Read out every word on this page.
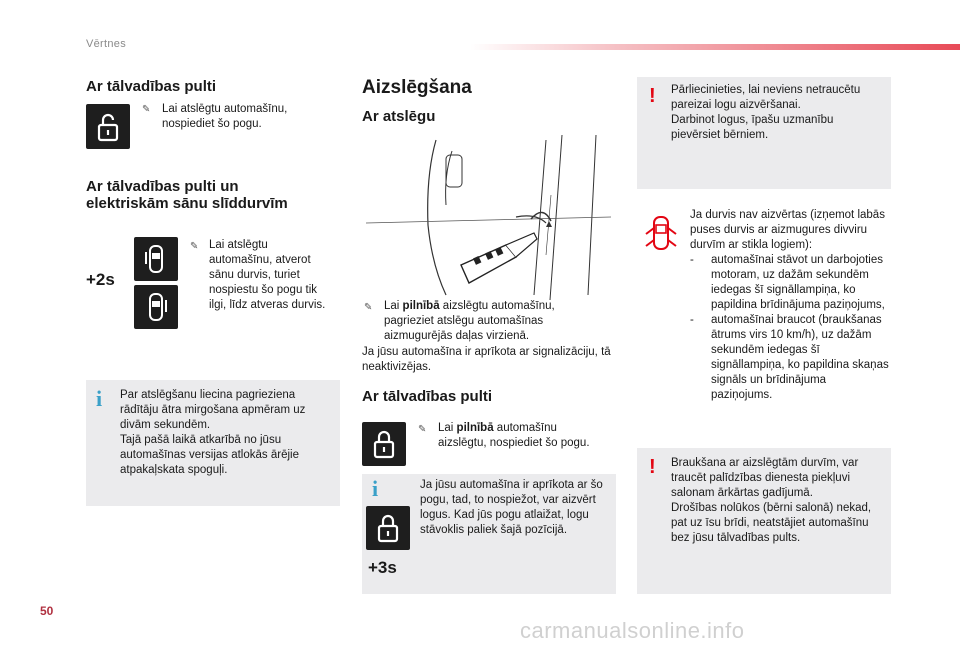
Vērtnes
50
carmanualsonline.info
Ar tālvadības pulti
✎ Lai atslēgtu automašīnu, nospiediet šo pogu.
Ar tālvadības pulti un
elektriskām sānu slīddurvīm
+2s
✎ Lai atslēgtu automašīnu, atverot sānu durvis, turiet nospiestu šo pogu tik ilgi, līdz atveras durvis.
i Par atslēgšanu liecina pagrieziena rādītāju ātra mirgošana apmēram uz divām sekundēm.
Tajā pašā laikā atkarībā no jūsu automašīnas versijas atlokās ārējie atpakaļskata spoguļi.
Aizslēgšana
Ar atslēgu
✎ Lai pilnībā aizslēgtu automašīnu, pagrieziet atslēgu automašīnas aizmugurējās daļas virzienā.
Ja jūsu automašīna ir aprīkota ar signalizāciju, tā neaktivizējas.
Ar tālvadības pulti
✎ Lai pilnībā automašīnu aizslēgtu, nospiediet šo pogu.
i
+3s
Ja jūsu automašīna ir aprīkota ar šo pogu, tad, to nospiežot, var aizvērt logus. Kad jūs pogu atlaižat, logu stāvoklis paliek šajā pozīcijā.
! Pārliecinieties, lai neviens netraucētu pareizai logu aizvēršanai.
Darbinot logus, īpašu uzmanību pievērsiet bērniem.
Ja durvis nav aizvērtas (izņemot labās puses durvis ar aizmugures divviru durvīm ar stikla logiem):
- automašīnai stāvot un darbojoties motoram, uz dažām sekundēm iedegas šī signāllampiņa, ko papildina brīdinājuma paziņojums,
- automašīnai braucot (braukšanas ātrums virs 10 km/h), uz dažām sekundēm iedegas šī signāllampiņa, ko papildina skaņas signāls un brīdinājuma paziņojums.
! Braukšana ar aizslēgtām durvīm, var traucēt palīdzības dienesta piekļuvi salonam ārkārtas gadījumā.
Drošības nolūkos (bērni salonā) nekad, pat uz īsu brīdi, neatstājiet automašīnu bez jūsu tālvadības pults.
